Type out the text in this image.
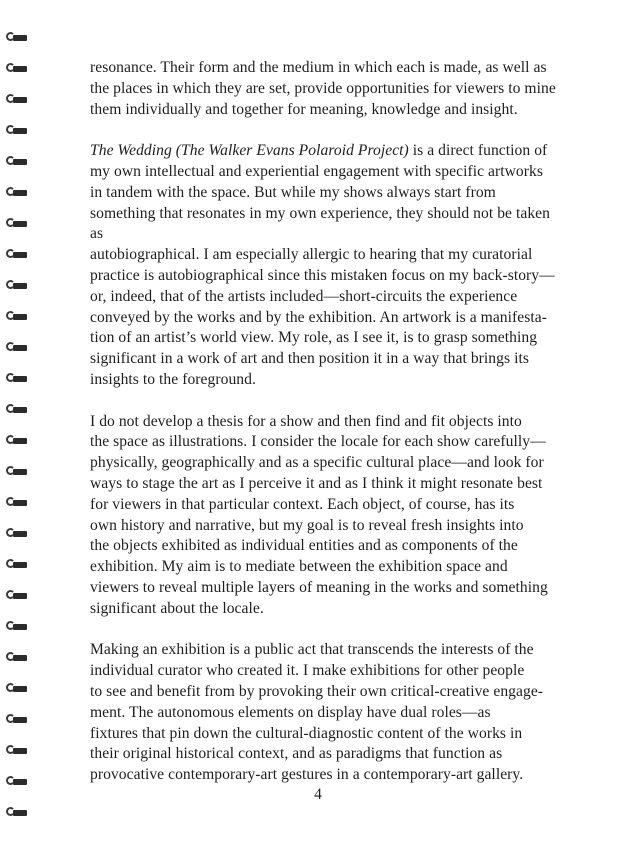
resonance. Their form and the medium in which each is made, as well as
the places in which they are set, provide opportunities for viewers to mine
them individually and together for meaning, knowledge and insight.

The Wedding (The Walker Evans Polaroid Project) is a direct function of
my own intellectual and experiential engagement with specific artworks
in tandem with the space. But while my shows always start from
something that resonates in my own experience, they should not be taken as
autobiographical. I am especially allergic to hearing that my curatorial
practice is autobiographical since this mistaken focus on my back-story—
or, indeed, that of the artists included—short-circuits the experience
conveyed by the works and by the exhibition. An artwork is a manifesta-
tion of an artist’s world view. My role, as I see it, is to grasp something
significant in a work of art and then position it in a way that brings its
insights to the foreground.

I do not develop a thesis for a show and then find and fit objects into
the space as illustrations. I consider the locale for each show carefully—
physically, geographically and as a specific cultural place—and look for
ways to stage the art as I perceive it and as I think it might resonate best
for viewers in that particular context. Each object, of course, has its
own history and narrative, but my goal is to reveal fresh insights into
the objects exhibited as individual entities and as components of the
exhibition. My aim is to mediate between the exhibition space and
viewers to reveal multiple layers of meaning in the works and something
significant about the locale.

Making an exhibition is a public act that transcends the interests of the
individual curator who created it. I make exhibitions for other people
to see and benefit from by provoking their own critical-creative engage-
ment. The autonomous elements on display have dual roles—as
fixtures that pin down the cultural-diagnostic content of the works in
their original historical context, and as paradigms that function as
provocative contemporary-art gestures in a contemporary-art gallery.

4
